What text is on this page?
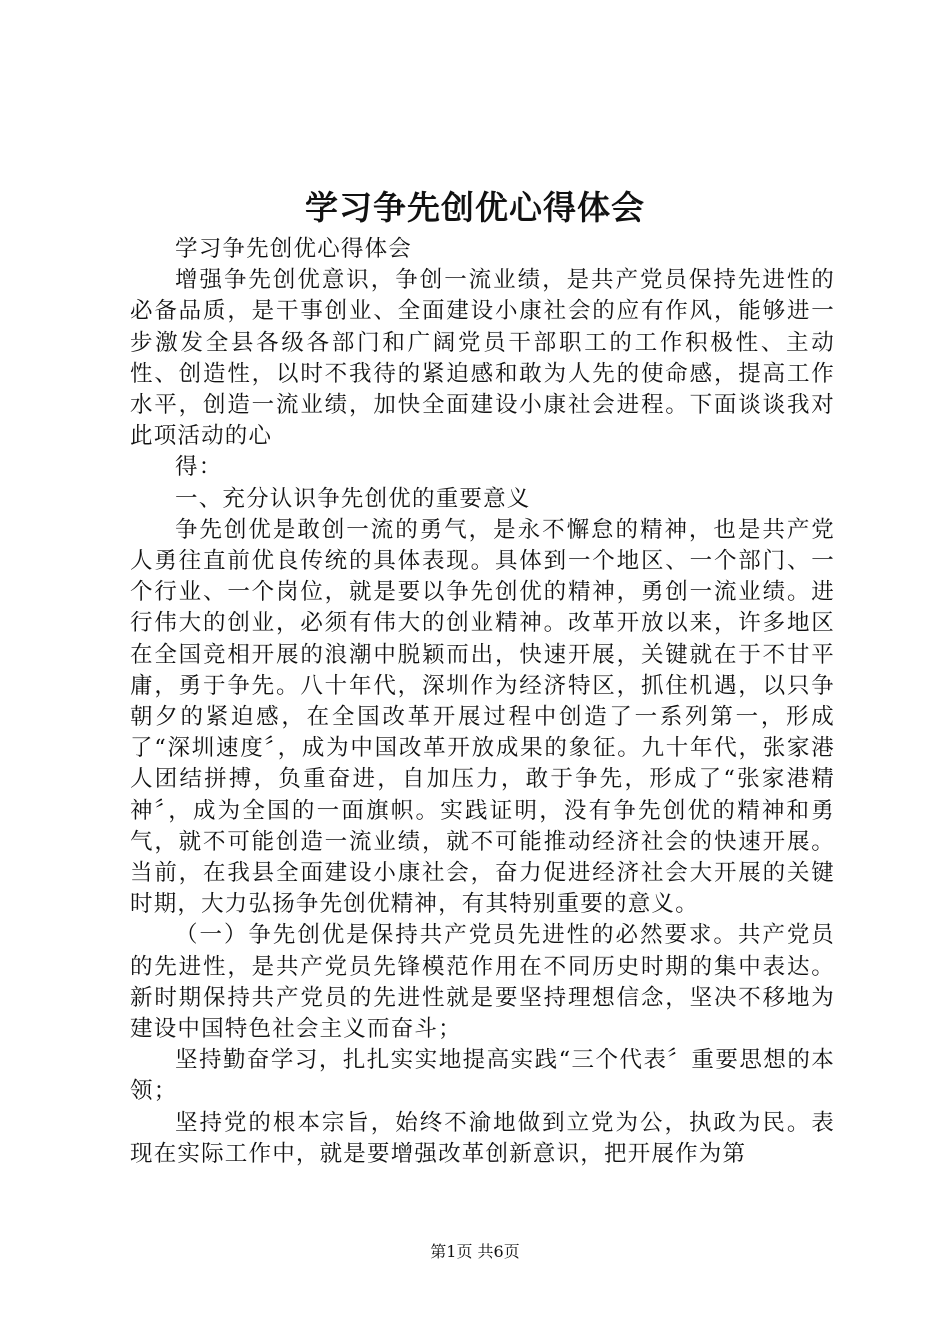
学习争先创优心得体会

学习争先创优心得体会

增强争先创优意识，争创一流业绩，是共产党员保持先进性的必备品质，是干事创业、全面建设小康社会的应有作风，能够进一步激发全县各级各部门和广阔党员干部职工的工作积极性、主动性、创造性，以时不我待的紧迫感和敢为人先的使命感，提高工作水平，创造一流业绩，加快全面建设小康社会进程。下面谈谈我对此项活动的心

得：

一、充分认识争先创优的重要意义

争先创优是敢创一流的勇气，是永不懈怠的精神，也是共产党人勇往直前优良传统的具体表现。具体到一个地区、一个部门、一个行业、一个岗位，就是要以争先创优的精神，勇创一流业绩。进行伟大的创业，必须有伟大的创业精神。改革开放以来，许多地区在全国竞相开展的浪潮中脱颖而出，快速开展，关键就在于不甘平庸，勇于争先。八十年代，深圳作为经济特区，抓住机遇，以只争朝夕的紧迫感，在全国改革开展过程中创造了一系列第一，形成了“深圳速度〞，成为中国改革开放成果的象征。九十年代，张家港人团结拼搏，负重奋进，自加压力，敢于争先，形成了“张家港精神〞，成为全国的一面旗帜。实践证明，没有争先创优的精神和勇气，就不可能创造一流业绩，就不可能推动经济社会的快速开展。当前，在我县全面建设小康社会，奋力促进经济社会大开展的关键时期，大力弘扬争先创优精神，有其特别重要的意义。

（一）争先创优是保持共产党员先进性的必然要求。共产党员的先进性，是共产党员先锋模范作用在不同历史时期的集中表达。新时期保持共产党员的先进性就是要坚持理想信念，坚决不移地为建设中国特色社会主义而奋斗；

坚持勤奋学习，扎扎实实地提高实践“三个代表〞重要思想的本领；

坚持党的根本宗旨，始终不渝地做到立党为公，执政为民。表现在实际工作中，就是要增强改革创新意识，把开展作为第

第1页 共6页
